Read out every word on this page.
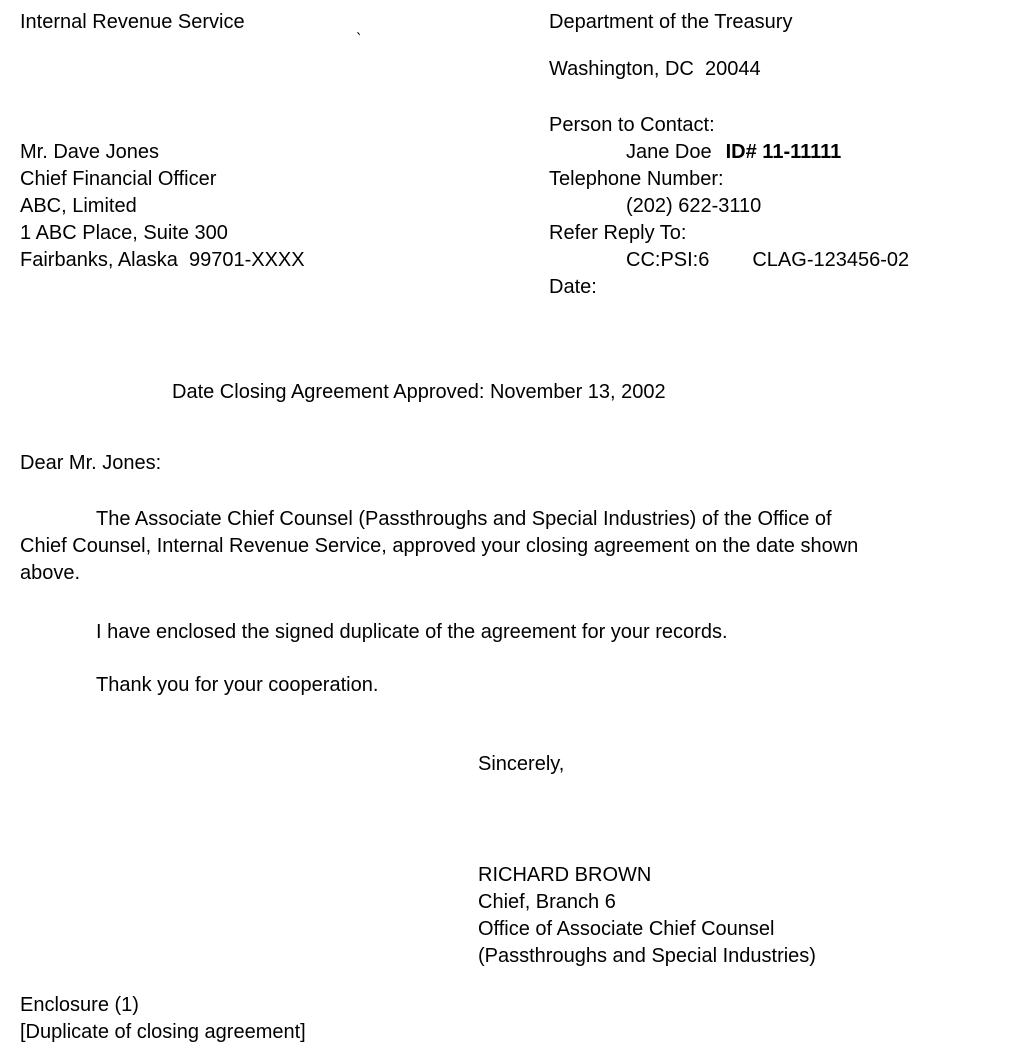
Internal Revenue Service
`
Department of the Treasury
Washington, DC  20044
Person to Contact:
Jane Doe ID# 11-11111
Telephone Number:
(202) 622-3110
Refer Reply To:
CC:PSI:6 CLAG-123456-02
Date:
Mr. Dave Jones
Chief Financial Officer
ABC, Limited
1 ABC Place, Suite 300
Fairbanks, Alaska  99701-XXXX
Date Closing Agreement Approved: November 13, 2002
Dear Mr. Jones:
The Associate Chief Counsel (Passthroughs and Special Industries) of the Office of
Chief Counsel, Internal Revenue Service, approved your closing agreement on the date shown
above.
I have enclosed the signed duplicate of the agreement for your records.
Thank you for your cooperation.
Sincerely,
RICHARD BROWN
Chief, Branch 6
Office of Associate Chief Counsel
(Passthroughs and Special Industries)
Enclosure (1)
[Duplicate of closing agreement]
